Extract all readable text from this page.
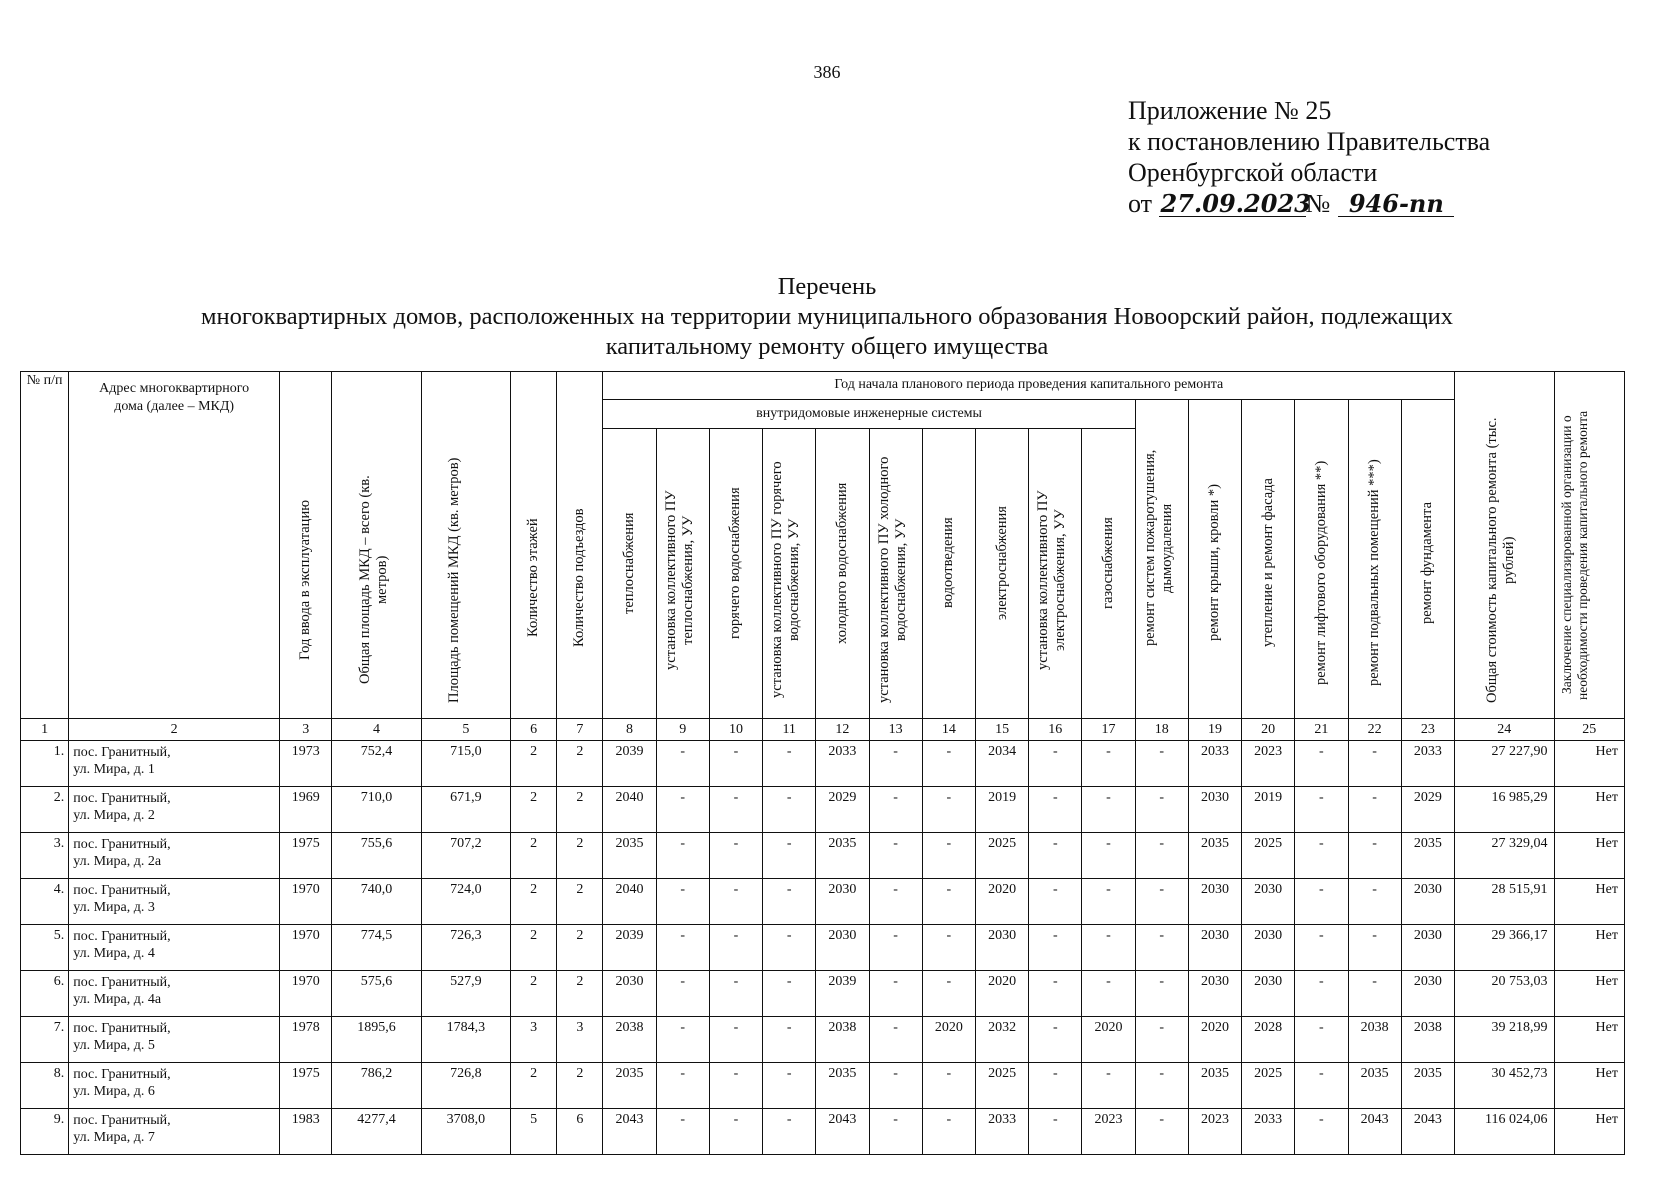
386
Приложение № 25
к постановлению Правительства
Оренбургской области
от 27.09.2023№ 946-пп
Перечень
многоквартирных домов, расположенных на территории муниципального образования Новоорский район, подлежащих
капитальному ремонту общего имущества
№ п/п	Адрес многоквартирного дома (далее – МКД)	Год ввода в эксплуатацию	Общая площадь МКД – всего (кв. метров)	Площадь помещений МКД (кв. метров)	Количество этажей	Количество подъездов	Год начала планового периода проведения капитального ремонта																Общая стоимость капитального ремонта (тыс. рублей)	Заключение специализированной организации о необходимости проведения капитального ремонта

							внутридомовые инженерные системы										ремонт систем пожаротушения, дымоудаления	ремонт крыши, кровли *)	утепление и ремонт фасада	ремонт лифтового оборудования **)	ремонт подвальных помещений ***)	ремонт фундамента		

							теплоснабжения	установка коллективного ПУ теплоснабжения, УУ	горячего водоснабжения	установка коллективного ПУ горячего водоснабжения, УУ	холодного водоснабжения	установка коллективного ПУ холодного водоснабжения, УУ	водоотведения	электроснабжения	установка коллективного ПУ электроснабжения, УУ	газоснабжения								

1	2	3	4	5	6	7	8	9	10	11	12	13	14	15	16	17	18	19	20	21	22	23	24	25
1.	пос. Гранитный,
ул. Мира, д. 1	1973	752,4	715,0	2	2	2039	-	-	-	2033	-	-	2034	-	-	-	2033	2023	-	-	2033	27 227,90	Нет
2.	пос. Гранитный,
ул. Мира, д. 2	1969	710,0	671,9	2	2	2040	-	-	-	2029	-	-	2019	-	-	-	2030	2019	-	-	2029	16 985,29	Нет
3.	пос. Гранитный,
ул. Мира, д. 2а	1975	755,6	707,2	2	2	2035	-	-	-	2035	-	-	2025	-	-	-	2035	2025	-	-	2035	27 329,04	Нет
4.	пос. Гранитный,
ул. Мира, д. 3	1970	740,0	724,0	2	2	2040	-	-	-	2030	-	-	2020	-	-	-	2030	2030	-	-	2030	28 515,91	Нет
5.	пос. Гранитный,
ул. Мира, д. 4	1970	774,5	726,3	2	2	2039	-	-	-	2030	-	-	2030	-	-	-	2030	2030	-	-	2030	29 366,17	Нет
6.	пос. Гранитный,
ул. Мира, д. 4а	1970	575,6	527,9	2	2	2030	-	-	-	2039	-	-	2020	-	-	-	2030	2030	-	-	2030	20 753,03	Нет
7.	пос. Гранитный,
ул. Мира, д. 5	1978	1895,6	1784,3	3	3	2038	-	-	-	2038	-	2020	2032	-	2020	-	2020	2028	-	2038	2038	39 218,99	Нет
8.	пос. Гранитный,
ул. Мира, д. 6	1975	786,2	726,8	2	2	2035	-	-	-	2035	-	-	2025	-	-	-	2035	2025	-	2035	2035	30 452,73	Нет
9.	пос. Гранитный,
ул. Мира, д. 7	1983	4277,4	3708,0	5	6	2043	-	-	-	2043	-	-	2033	-	2023	-	2023	2033	-	2043	2043	116 024,06	Нет
